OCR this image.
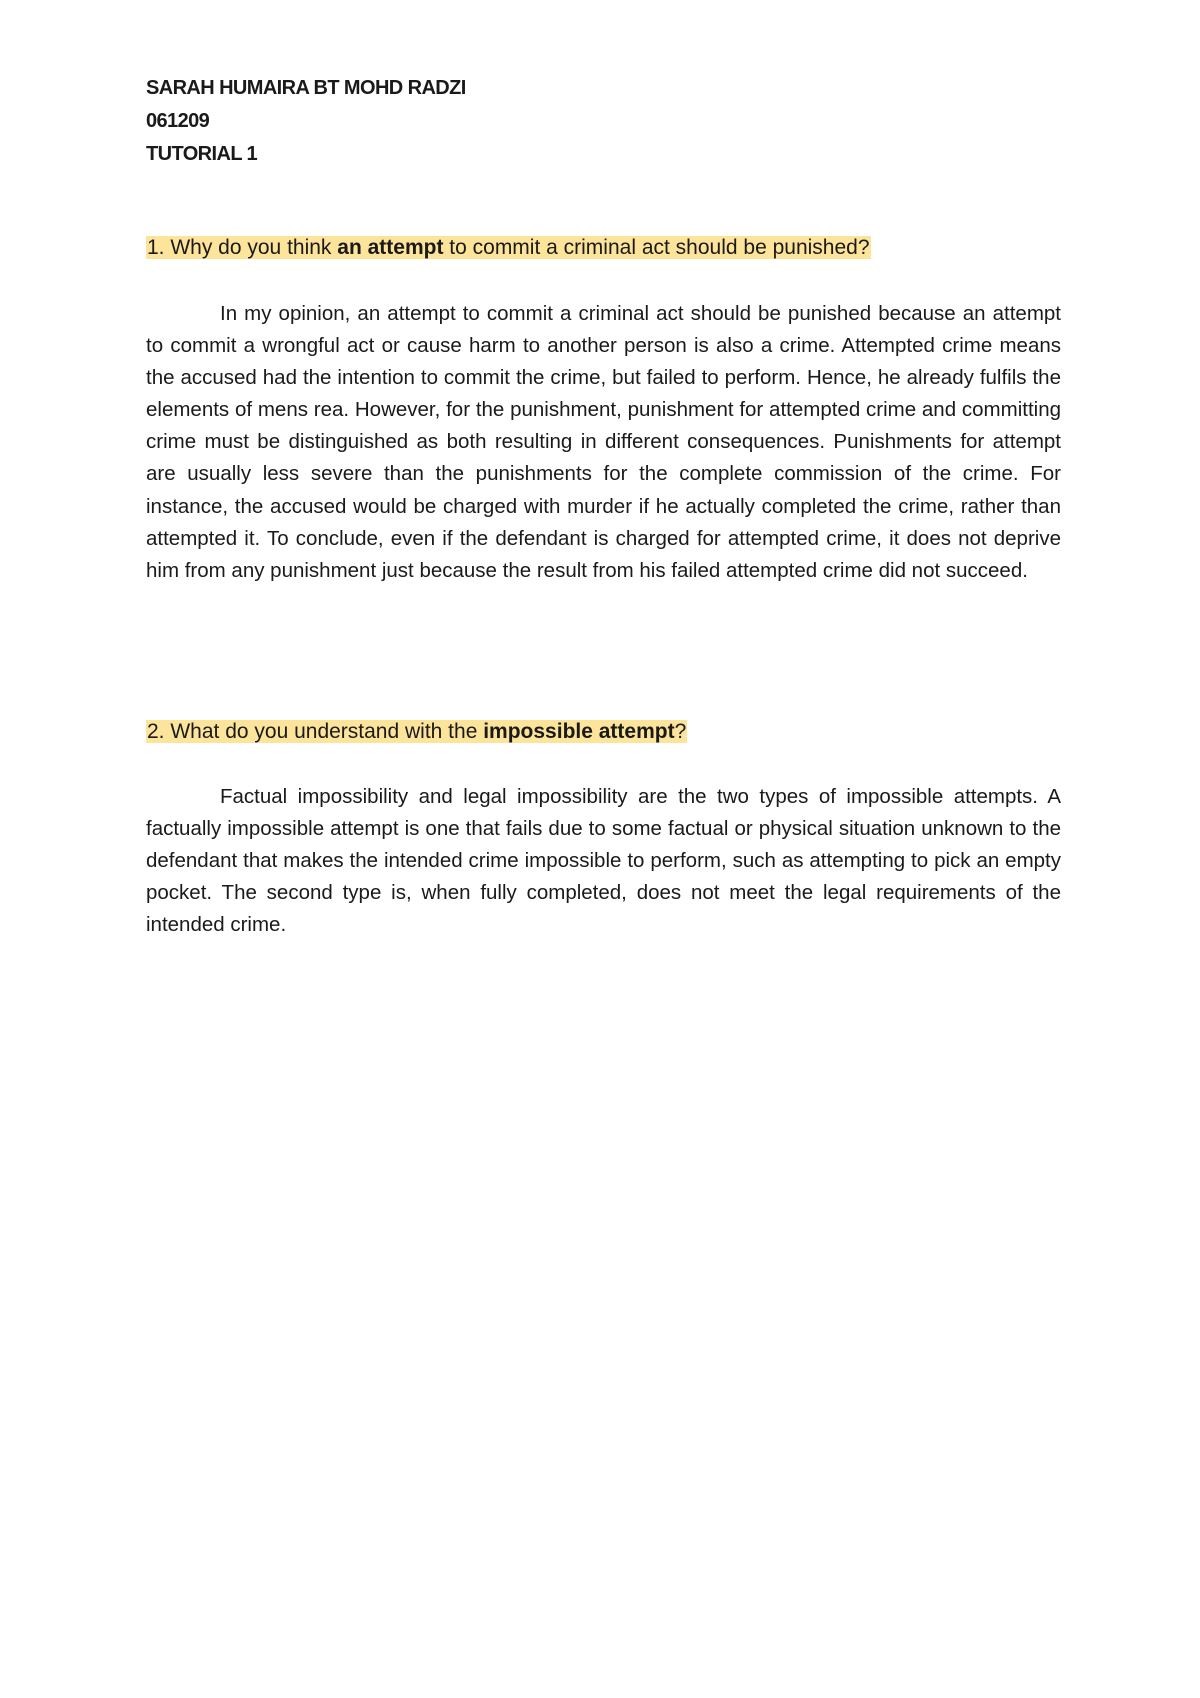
SARAH HUMAIRA BT MOHD RADZI
061209
TUTORIAL 1
1. Why do you think an attempt to commit a criminal act should be punished?

In my opinion, an attempt to commit a criminal act should be punished because an attempt to commit a wrongful act or cause harm to another person is also a crime. Attempted crime means the accused had the intention to commit the crime, but failed to perform. Hence, he already fulfils the elements of mens rea. However, for the punishment, punishment for attempted crime and committing crime must be distinguished as both resulting in different consequences. Punishments for attempt are usually less severe than the punishments for the complete commission of the crime. For instance, the accused would be charged with murder if he actually completed the crime, rather than attempted it. To conclude, even if the defendant is charged for attempted crime, it does not deprive him from any punishment just because the result from his failed attempted crime did not succeed.

2. What do you understand with the impossible attempt?

Factual impossibility and legal impossibility are the two types of impossible attempts. A factually impossible attempt is one that fails due to some factual or physical situation unknown to the defendant that makes the intended crime impossible to perform, such as attempting to pick an empty pocket. The second type is, when fully completed, does not meet the legal requirements of the intended crime.
